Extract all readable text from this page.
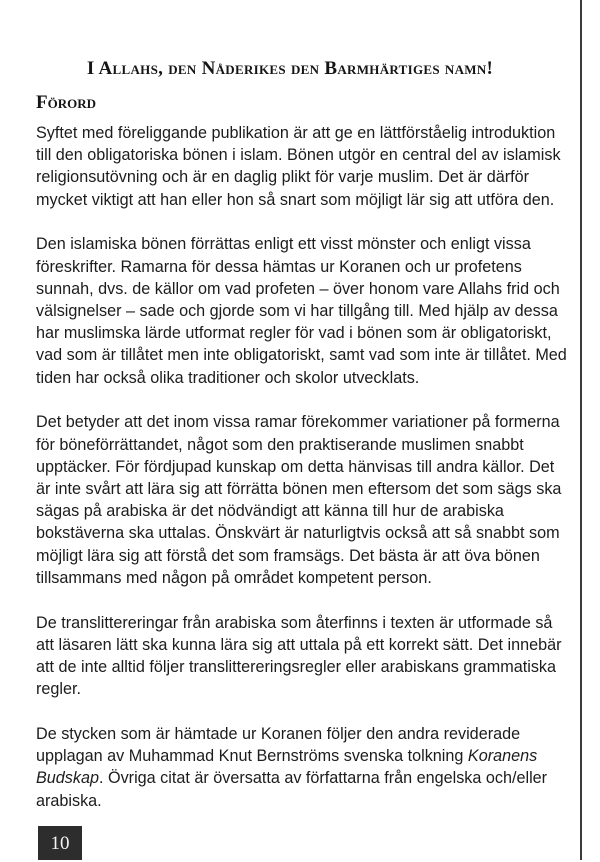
I Allahs, den Nåderikes den Barmhärtiges namn!
Förord

Syftet med föreliggande publikation är att ge en lättförståelig introduktion till den obligatoriska bönen i islam. Bönen utgör en central del av islamisk religionsutövning och är en daglig plikt för varje muslim. Det är därför mycket viktigt att han eller hon så snart som möjligt lär sig att utföra den.

Den islamiska bönen förrättas enligt ett visst mönster och enligt vissa föreskrifter. Ramarna för dessa hämtas ur Koranen och ur profetens sunnah, dvs. de källor om vad profeten – över honom vare Allahs frid och välsignelser – sade och gjorde som vi har tillgång till. Med hjälp av dessa har muslimska lärde utformat regler för vad i bönen som är obligatoriskt, vad som är tillåtet men inte obligatoriskt, samt vad som inte är tillåtet. Med tiden har också olika traditioner och skolor utvecklats.

Det betyder att det inom vissa ramar förekommer variationer på formerna för böneförrättandet, något som den praktiserande muslimen snabbt upptäcker. För fördjupad kunskap om detta hänvisas till andra källor. Det är inte svårt att lära sig att förrätta bönen men eftersom det som sägs ska sägas på arabiska är det nödvändigt att känna till hur de arabiska bokstäverna ska uttalas. Önskvärt är naturligtvis också att så snabbt som möjligt lära sig att förstå det som framsägs. Det bästa är att öva bönen tillsammans med någon på området kompetent person.

De translittereringar från arabiska som återfinns i texten är utformade så att läsaren lätt ska kunna lära sig att uttala på ett korrekt sätt. Det innebär att de inte alltid följer translittereringsregler eller arabiskans grammatiska regler.

De stycken som är hämtade ur Koranen följer den andra reviderade upplagan av Muhammad Knut Bernströms svenska tolkning Koranens Budskap. Övriga citat är översatta av författarna från engelska och/eller arabiska.

10
